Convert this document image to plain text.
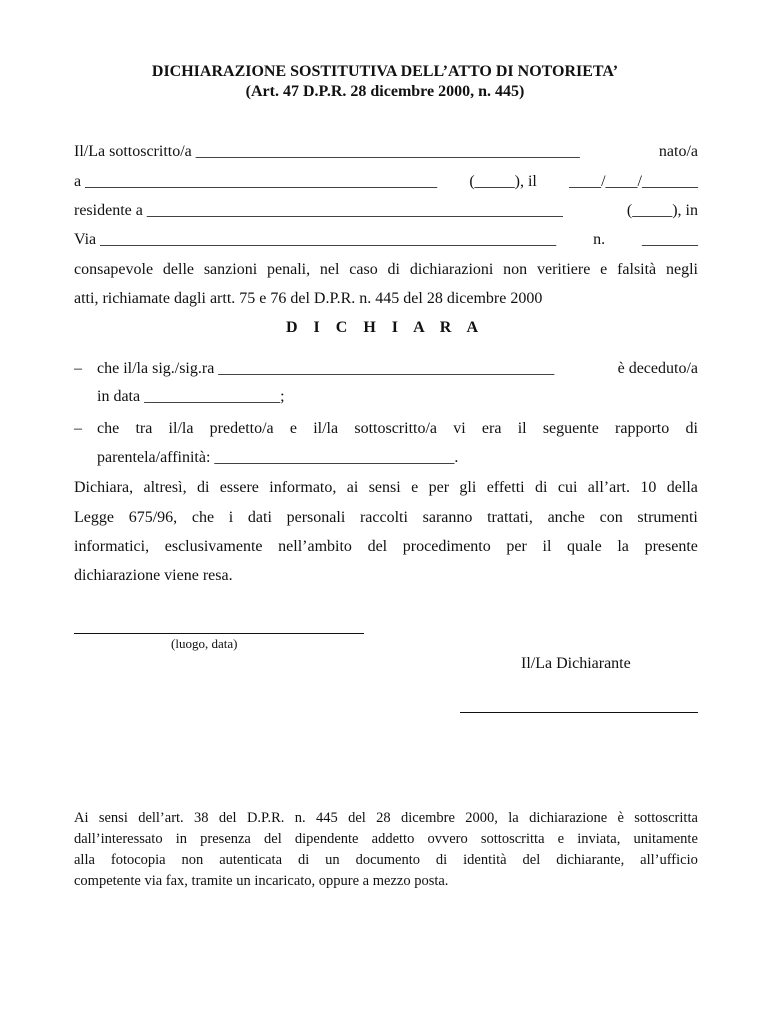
DICHIARAZIONE SOSTITUTIVA DELL’ATTO DI NOTORIETA’
(Art. 47 D.P.R. 28 dicembre 2000, n. 445)
Il/La sottoscritto/a ________________________________________________	nato/a
a ____________________________________________ (_____), il ____/____/_______
residente a ____________________________________________________	(_____), in
Via _________________________________________________________ n. _______
consapevole delle sanzioni penali, nel caso di dichiarazioni non veritiere e falsità negli
atti, richiamate dagli artt. 75 e 76 del D.P.R. n. 445 del 28 dicembre 2000
D I C H I A R A
– che il/la sig./sig.ra __________________________________________	è deceduto/a
in data _________________;
– che tra il/la predetto/a e il/la sottoscritto/a vi era il seguente rapporto di
parentela/affinità: ______________________________.
Dichiara, altresì, di essere informato, ai sensi e per gli effetti di cui all’art. 10 della
Legge 675/96, che i dati personali raccolti saranno trattati, anche con strumenti
informatici, esclusivamente nell’ambito del procedimento per il quale la presente
dichiarazione viene resa.
(luogo, data)
Il/La Dichiarante
Ai sensi dell’art. 38 del D.P.R. n. 445 del 28 dicembre 2000, la dichiarazione è sottoscritta
dall’interessato in presenza del dipendente addetto ovvero sottoscritta e inviata, unitamente
alla fotocopia non autenticata di un documento di identità del dichiarante, all’ufficio
competente via fax, tramite un incaricato, oppure a mezzo posta.
